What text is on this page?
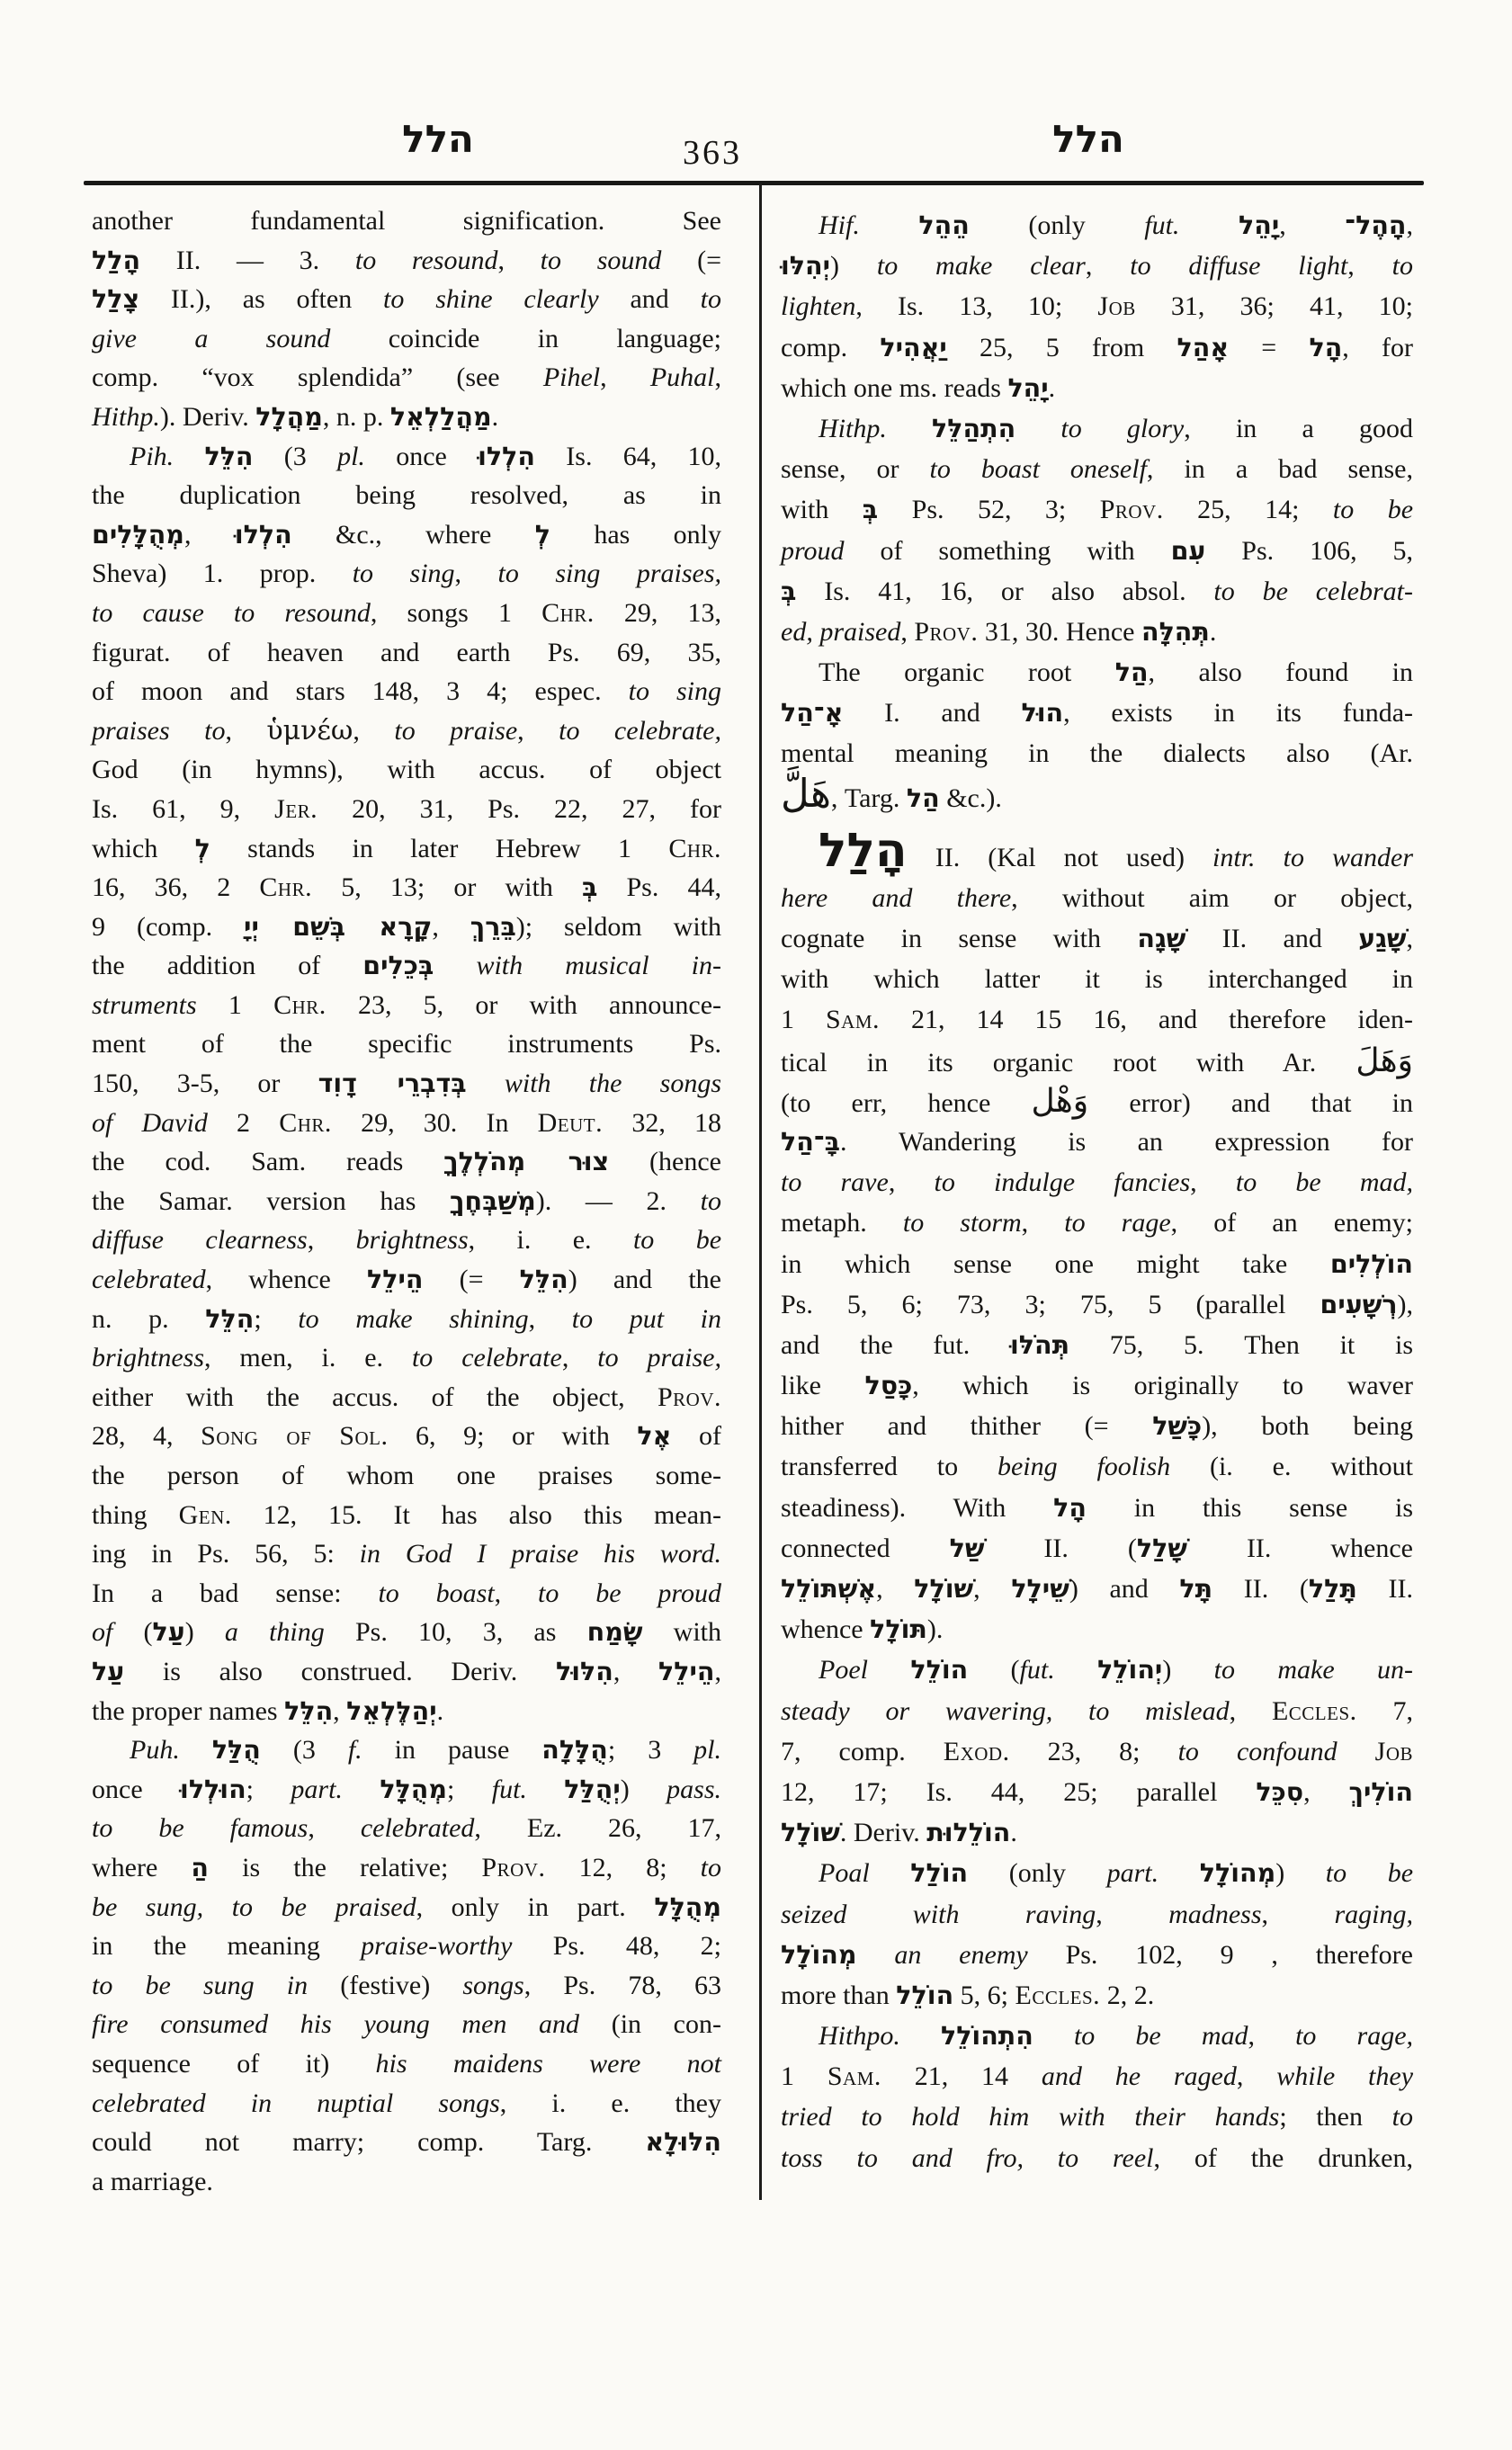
הלל	363	הלל
another fundamental signification. See
הָלַל II. — 3. to resound, to sound (=
צָלַל II.), as often to shine clearly and to
give a sound coincide in language;
comp. “vox splendida” (see Pihel, Puhal,
Hithp.). Deriv. מַהֲלָל, n. p. מַהֲלַלְאֵל.
Pih. הִלֵּל (3 pl. once הִלְלוּ Is. 64, 10,
the duplication being resolved, as in
מְהֻלָּלִים, הִלְלוּ &c., where לְ has only
Sheva) 1. prop. to sing, to sing praises,
to cause to resound, songs 1 Chr. 29, 13,
figurat. of heaven and earth Ps. 69, 35,
of moon and stars 148, 3 4; espec. to sing
praises to, ὑμνέω, to praise, to celebrate,
God (in hymns), with accus. of object
Is. 61, 9, Jer. 20, 31, Ps. 22, 27, for
which לְ stands in later Hebrew 1 Chr.
16, 36, 2 Chr. 5, 13; or with בְּ Ps. 44,
9 (comp. קָרָא בְּשֵׁם יְיָ, בֵּרֵךְ); seldom with
the addition of בְּכֵלִים with musical in-
struments 1 Chr. 23, 5, or with announce-
ment of the specific instruments Ps.
150, 3-5, or בְּדִבְרֵי דָוִד with the songs
of David 2 Chr. 29, 30. In Deut. 32, 18
the cod. Sam. reads צוּר מְהֹלְלֶךָ (hence
the Samar. version has מְשַׁבְּחֶךָ). — 2. to
diffuse clearness, brightness, i. e. to be
celebrated, whence הֵילֵל (= הִלֵּל) and the
n. p. הִלֵּל; to make shining, to put in
brightness, men, i. e. to celebrate, to praise,
either with the accus. of the object, Prov.
28, 4, Song of Sol. 6, 9; or with אֶל of
the person of whom one praises some-
thing Gen. 12, 15. It has also this mean-
ing in Ps. 56, 5: in God I praise his word.
In a bad sense: to boast, to be proud
of (עַל) a thing Ps. 10, 3, as שָׂמַח with
עַל is also construed. Deriv. הִלּוּל, הֵילֵל,
the proper names הִלֵּל, יְהַלֶּלְאֵל.
Puh. הֻלַּל (3 f. in pause הֻלָּלָה; 3 pl.
once הוּלְלוּ; part. מְהֻלָּל; fut. יְהֻלַּל) pass.
to be famous, celebrated, Ez. 26, 17,
where הַ is the relative; Prov. 12, 8; to
be sung, to be praised, only in part. מְהֻלָּל
in the meaning praise-worthy Ps. 48, 2;
to be sung in (festive) songs, Ps. 78, 63
fire consumed his young men and (in con-
sequence of it) his maidens were not
celebrated in nuptial songs, i. e. they
could not marry; comp. Targ. הִלּוּלָא
a marriage.
Hif. הֵהֵל (only fut. יָהֵל, הָהֶל־,
יְהִלּוּ) to make clear, to diffuse light, to
lighten, Is. 13, 10; Job 31, 36; 41, 10;
comp. יַאֲהִיל 25, 5 from אָהַל = הָל, for
which one ms. reads יָהֵל.
Hithp. הִתְהַלֵּל to glory, in a good
sense, or to boast oneself, in a bad sense,
with בְּ Ps. 52, 3; Prov. 25, 14; to be
proud of something with עִם Ps. 106, 5,
בְּ Is. 41, 16, or also absol. to be celebrat-
ed, praised, Prov. 31, 30. Hence תְּהִלָּה.
The organic root הַל, also found in
אָ־הַל I. and הוּל, exists in its funda-
mental meaning in the dialects also (Ar.
هَلَّ, Targ. הַל &c.).
הָלַל II. (Kal not used) intr. to wander
here and there, without aim or object,
cognate in sense with שָׁגָה II. and שָׁגַע,
with which latter it is interchanged in
1 Sam. 21, 14 15 16, and therefore iden-
tical in its organic root with Ar. وَهَلَ
(to err, hence وَهْل error) and that in
בָּ־הַל. Wandering is an expression for
to rave, to indulge fancies, to be mad,
metaph. to storm, to rage, of an enemy;
in which sense one might take הוֹלְלִים
Ps. 5, 6; 73, 3; 75, 5 (parallel רְשָׁעִים),
and the fut. תְּהֹלּוּ 75, 5. Then it is
like כָּסַל, which is originally to waver
hither and thither (= כָּשַׁל), both being
transferred to being foolish (i. e. without
steadiness). With הָל in this sense is
connected שַׁל II. (שָׁלַל II. whence
אֶשְׁתּוֹלֵל, שׁוֹלָל, שֵׁילָל) and תָּל II. (תָּלַל II.
whence תּוֹלָל).
Poel הוֹלֵל (fut. יְהוֹלֵל) to make un-
steady or wavering, to mislead, Eccles. 7,
7, comp. Exod. 23, 8; to confound Job
12, 17; Is. 44, 25; parallel סִכֵּל, הוֹלִיךְ
שׁוֹלָל. Deriv. הוֹלֵלוּת.
Poal הוֹלַל (only part. מְהוֹלָל) to be
seized with raving, madness, raging,
מְהוֹלָל an enemy Ps. 102, 9 , therefore
more than הוֹלֵל 5, 6; Eccles. 2, 2.
Hithpo. הִתְהוֹלֵל to be mad, to rage,
1 Sam. 21, 14 and he raged, while they
tried to hold him with their hands; then to
toss to and fro, to reel, of the drunken,
